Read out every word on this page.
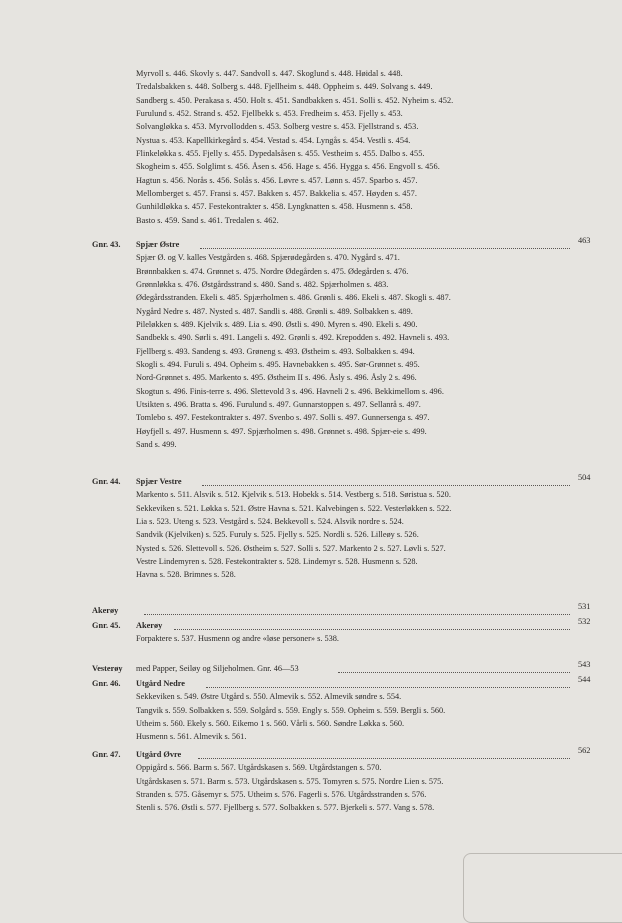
Myrvoll s. 446. Skovly s. 447. Sandvoll s. 447. Skoglund s. 448. Høidal s. 448.
Tredalsbakken s. 448. Solberg s. 448. Fjellheim s. 448. Oppheim s. 449. Solvang s. 449.
Sandberg s. 450. Perakasa s. 450. Holt s. 451. Sandbakken s. 451. Solli s. 452. Nyheim s. 452.
Furulund s. 452. Strand s. 452. Fjellbekk s. 453. Fredheim s. 453. Fjelly s. 453.
Solvangløkka s. 453. Myrvollodden s. 453. Solberg vestre s. 453. Fjellstrand s. 453.
Nystua s. 453. Kapellkirkegård s. 454. Vestad s. 454. Lyngås s. 454. Vestli s. 454.
Flinkeløkka s. 455. Fjelly s. 455. Dypedalsåsen s. 455. Vestheim s. 455. Dalbo s. 455.
Skogheim s. 455. Solglimt s. 456. Åsen s. 456. Hage s. 456. Hygga s. 456. Engvoll s. 456.
Hagtun s. 456. Norås s. 456. Solås s. 456. Løvre s. 457. Lønn s. 457. Sparbo s. 457.
Mellomberget s. 457. Fransi s. 457. Bakken s. 457. Bakkelia s. 457. Høyden s. 457.
Gunhildløkka s. 457. Festekontrakter s. 458. Lyngknatten s. 458. Husmenn s. 458.
Basto s. 459. Sand s. 461. Tredalen s. 462.
Gnr. 43.	Spjær Østre	463
Spjær Ø. og V. kalles Vestgården s. 468. Spjærødegården s. 470. Nygård s. 471.
Brønnbakken s. 474. Grønnet s. 475. Nordre Ødegården s. 475. Ødegården s. 476.
Grønnløkka s. 476. Østgårdsstrand s. 480. Sand s. 482. Spjærholmen s. 483.
Ødegårdsstranden. Ekeli s. 485. Spjærholmen s. 486. Grønli s. 486. Ekeli s. 487. Skogli s. 487.
Nygård Nedre s. 487. Nysted s. 487. Sandli s. 488. Grønli s. 489. Solbakken s. 489.
Pileløkken s. 489. Kjelvik s. 489. Lia s. 490. Østli s. 490. Myren s. 490. Ekeli s. 490.
Sandbekk s. 490. Sørli s. 491. Langeli s. 492. Grønli s. 492. Krepodden s. 492. Havneli s. 493.
Fjellberg s. 493. Sandeng s. 493. Grøneng s. 493. Østheim s. 493. Solbakken s. 494.
Skogli s. 494. Furuli s. 494. Opheim s. 495. Havnebakken s. 495. Sør-Grønnet s. 495.
Nord-Grønnet s. 495. Markento s. 495. Østheim II s. 496. Åsly s. 496. Åsly 2 s. 496.
Skogtun s. 496. Finis-terre s. 496. Slettevold 3 s. 496. Havneli 2 s. 496. Bekkimellom s. 496.
Utsikten s. 496. Bratta s. 496. Furulund s. 497. Gunnarstoppen s. 497. Sellanrå s. 497.
Tomlebo s. 497. Festekontrakter s. 497. Svenbo s. 497. Solli s. 497. Gunnersenga s. 497.
Høyfjell s. 497. Husmenn s. 497. Spjærholmen s. 498. Grønnet s. 498. Spjær-eie s. 499.
Sand s. 499.
Gnr. 44.	Spjær Vestre	504
Markento s. 511. Alsvik s. 512. Kjelvik s. 513. Hobekk s. 514. Vestberg s. 518. Søristua s. 520.
Sekkeviken s. 521. Løkka s. 521. Østre Havna s. 521. Kalvebingen s. 522. Vesterløkken s. 522.
Lia s. 523. Uteng s. 523. Vestgård s. 524. Bekkevoll s. 524. Alsvik nordre s. 524.
Sandvik (Kjelviken) s. 525. Furuly s. 525. Fjelly s. 525. Nordli s. 526. Lilleøy s. 526.
Nysted s. 526. Slettevoll s. 526. Østheim s. 527. Solli s. 527. Markento 2 s. 527. Løvli s. 527.
Vestre Lindemyren s. 528. Festekontrakter s. 528. Lindemyr s. 528. Husmenn s. 528.
Havna s. 528. Brimnes s. 528.
Akerøy	531
Gnr. 45.	Akerøy	532
Forpaktere s. 537. Husmenn og andre «løse personer» s. 538.
Vesterøy	med Papper, Seiløy og Siljeholmen. Gnr. 46—53	543
Gnr. 46.	Utgård Nedre	544
Sekkeviken s. 549. Østre Utgård s. 550. Almevik s. 552. Almevik søndre s. 554.
Tangvik s. 559. Solbakken s. 559. Solgård s. 559. Engly s. 559. Opheim s. 559. Bergli s. 560.
Utheim s. 560. Ekely s. 560. Eikemo 1 s. 560. Vårli s. 560. Søndre Løkka s. 560.
Husmenn s. 561. Almevik s. 561.
Gnr. 47.	Utgård Øvre	562
Oppigård s. 566. Barm s. 567. Utgårdskasen s. 569. Utgårdstangen s. 570.
Utgårdskasen s. 571. Barm s. 573. Utgårdskasen s. 575. Tomyren s. 575. Nordre Lien s. 575.
Stranden s. 575. Gåsemyr s. 575. Utheim s. 576. Fagerli s. 576. Utgårdsstranden s. 576.
Stenli s. 576. Østli s. 577. Fjellberg s. 577. Solbakken s. 577. Bjerkeli s. 577. Vang s. 578.
